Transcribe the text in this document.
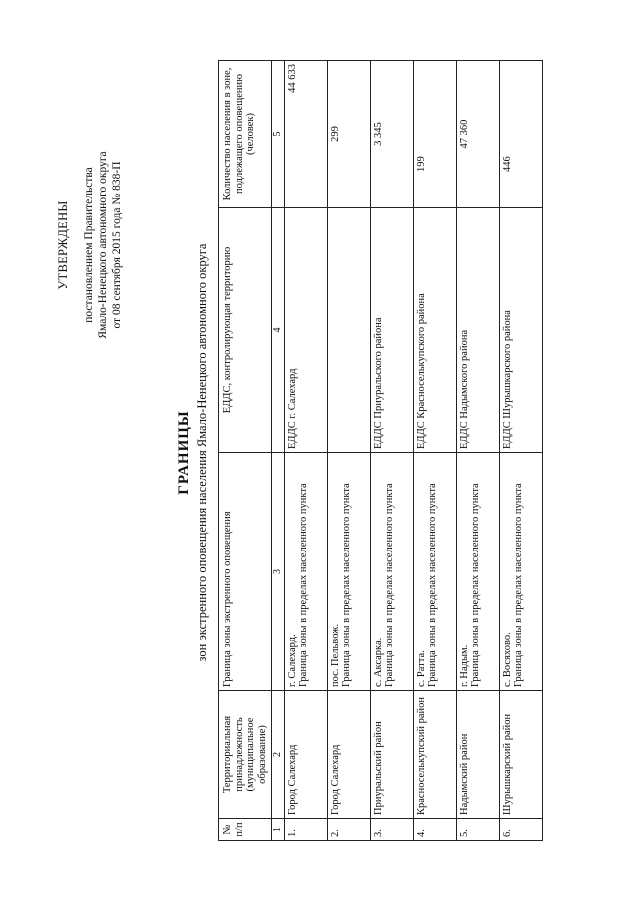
УТВЕРЖДЕНЫ постановлением Правительства Ямало-Ненецкого автономного округа от 08 сентября 2015 года № 838-П
ГРАНИЦЫ зон экстренного оповещения населения Ямало-Ненецкого автономного округа
№ п/п	Территориальная принадлежность (муниципальное образование)	Граница зоны экстренного оповещения	ЕДДС, контролирующая территорию	Количество населения в зоне, подлежащего оповещению (человек)
1	2	3	4	5
1.	Город Салехард	г. Салехард. Граница зоны в пределах населенного пункта	ЕДДС г. Салехард	44 633
2.	Город Салехард	пос. Пельвож. Граница зоны в пределах населенного пункта		299
3.	Приуральский район	с. Аксарка. Граница зоны в пределах населенного пункта	ЕДДС Приуральского района	3 345
4.	Красноселькупский район	с. Ратта. Граница зоны в пределах населенного пункта	ЕДДС Красноселькупского района	199
5.	Надымский район	г. Надым. Граница зоны в пределах населенного пункта	ЕДДС Надымского района	47 360
6.	Шурышкарский район	с. Восяхово. Граница зоны в пределах населенного пункта	ЕДДС Шурышкарского района	446
